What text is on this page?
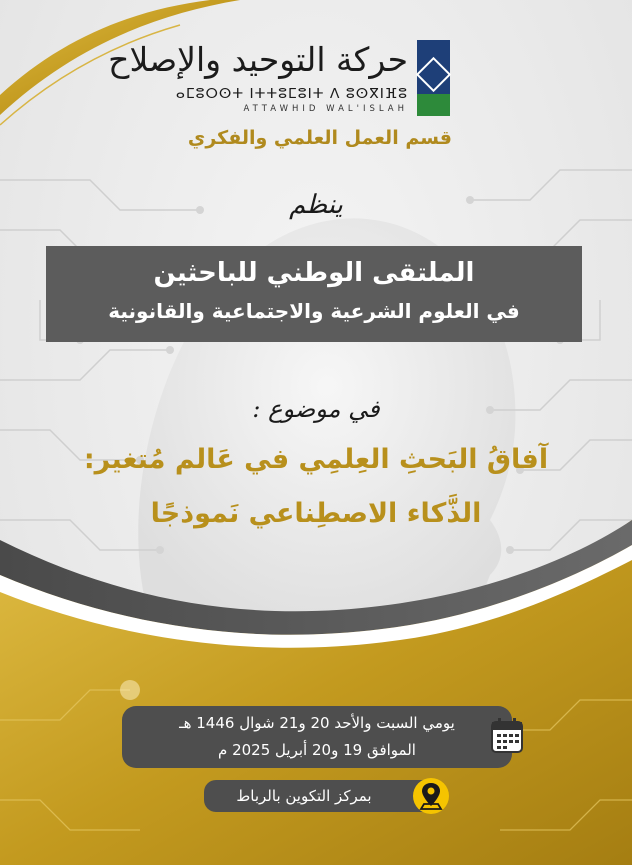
حركة التوحيد والإصلاح
ⴰⵎⵓⵔⵙⵜ ⵏⵜⵜⵓⵎⵓⵏⵜ ⴷ ⵓⵙⴳⵏⴼⵓ
ATTAWHID WAL'ISLAH
قسم العمل العلمي والفكري
ينظم
الملتقى الوطني للباحثين
في العلوم الشرعية والاجتماعية والقانونية
في موضوع :
آفاقُ البَحثِ العِلمِي في عَالم مُتغير:
الذَّكاء الاصطِناعي نَموذجًا
يومي السبت والأحد 20 و21 شوال 1446 هـ
الموافق 19 و20 أبريل 2025 م
بمركز التكوين بالرباط
